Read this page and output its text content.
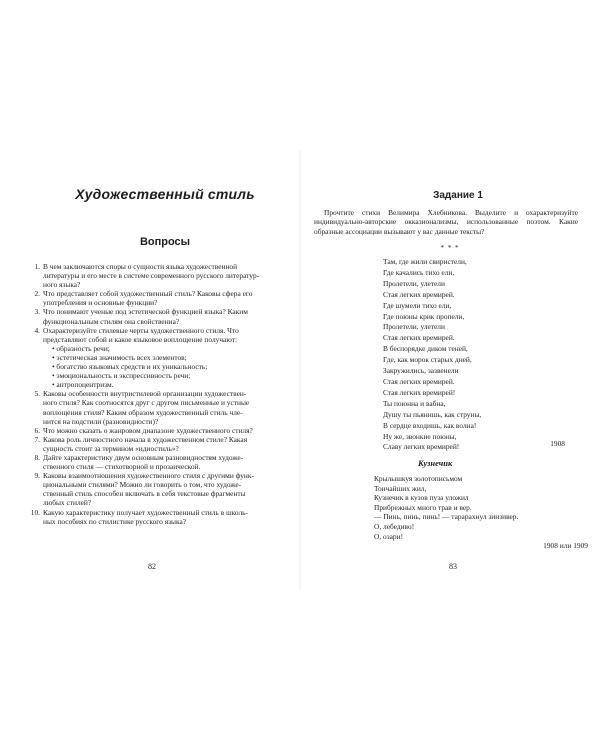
Художественный стиль
Вопросы
1. В чем заключаются споры о сущности языка художественной
литературы и его месте в системе современного русского литератур-
ного языка?
2. Что представляет собой художественный стиль? Каковы сфера его
употребления и основные функции?
3. Что понимают ученые под эстетической функцией языка? Каким
функциональным стилям она свойственна?
4. Охарактеризуйте стилевые черты художественного стиля. Что
представляют собой и какое языковое воплощение получают:
• образность речи;
• эстетическая значимость всех элементов;
• богатство языковых средств и их уникальность;
• эмоциональность и экспрессивность речи;
• антропоцентризм.
5. Каковы особенности внутристилевой организации художествен-
ного стиля? Как соотносятся друг с другом письменные и устные
воплощения стиля? Каким образом художественный стиль чле-
нится на подстили (разновидности)?
6. Что можно сказать о жанровом диапазоне художественного стиля?
7. Какова роль личностного начала в художественном стиле? Какая
сущность стоит за термином «идиостиль»?
8. Дайте характеристику двум основным разновидностям художе-
ственного стиля — стихотворной и прозаической.
9. Каковы взаимоотношения художественного стиля с другими функ-
циональными стилями? Можно ли говорить о том, что художе-
ственный стиль способен включать в себя текстовые фрагменты
любых стилей?
10. Какую характеристику получает художественный стиль в школь-
ных пособиях по стилистике русского языка?
82
Задание 1

Прочтите стихи Велимира Хлебникова. Выделите и охарактеризуйте индивидуально-авторские окказионализмы, использованные поэтом. Какие образные ассоциации вызывают у вас данные тексты?

* * *
Там, где жили свиристели,
Где качались тихо ели,
Пролетели, улетели
Стая легких времирей.
Где шумели тихо ели,
Где поюны крик пропели,
Пролетели, улетели
Стая легких времирей.
В беспорядке диком теней,
Где, как морок старых дней,
Закружились, зазвенели
Стая легких времирей.
Стая легких времирей!
Ты поюнна и вабна,
Душу ты пьянишь, как струны,
В сердце входишь, как волна!
Ну же, звонкие поюны,
Славу легких времирей!	1908
Кузнечик
Крылышкуя золотописьмом
Тончайших жил,
Кузнечик в кузов пуза уложил
Прибрежных много трав и вер.
— Пинь, пинь, пинь! — тарарахнул зинзивер.
О, лебедиво!
О, озари!
1908 или 1909
83
